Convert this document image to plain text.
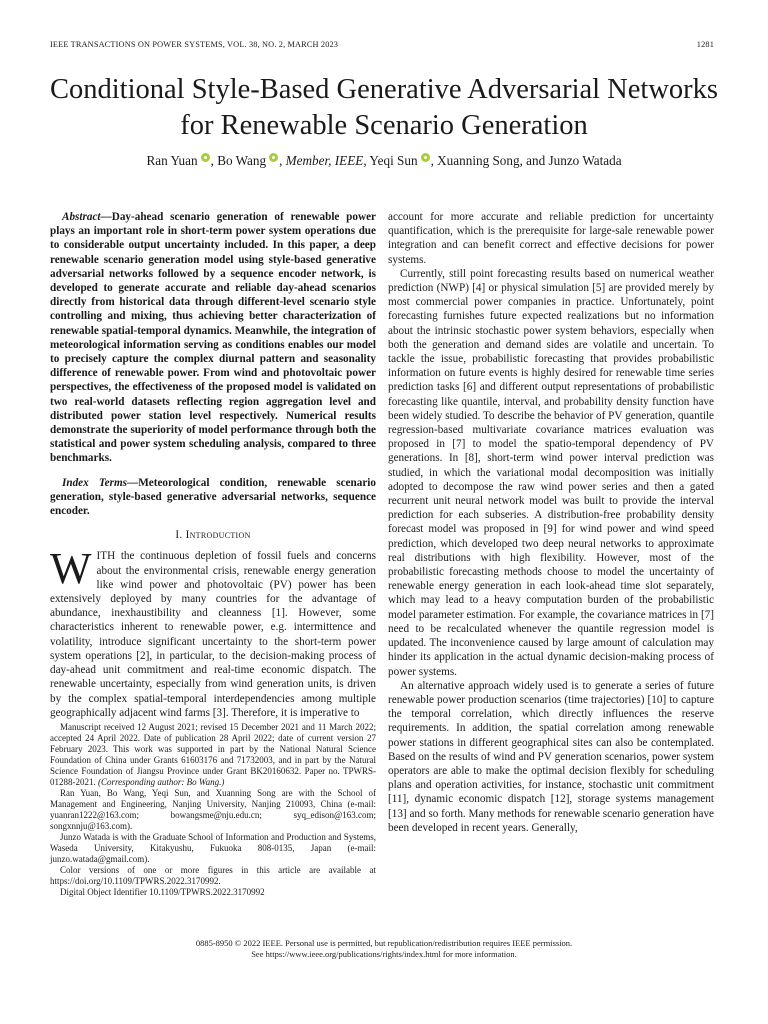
IEEE TRANSACTIONS ON POWER SYSTEMS, VOL. 38, NO. 2, MARCH 2023	1281
Conditional Style-Based Generative Adversarial Networks for Renewable Scenario Generation
Ran Yuan , Bo Wang , Member, IEEE, Yeqi Sun , Xuanning Song, and Junzo Watada

Abstract—Day-ahead scenario generation of renewable power plays an important role in short-term power system operations due to considerable output uncertainty included. In this paper, a deep renewable scenario generation model using style-based generative adversarial networks followed by a sequence encoder network, is developed to generate accurate and reliable day-ahead scenarios directly from historical data through different-level scenario style controlling and mixing, thus achieving better characterization of renewable spatial-temporal dynamics. Meanwhile, the integration of meteorological information serving as conditions enables our model to precisely capture the complex diurnal pattern and seasonality difference of renewable power. From wind and photovoltaic power perspectives, the effectiveness of the proposed model is validated on two real-world datasets reflecting region aggregation level and distributed power station level respectively. Numerical results demonstrate the superiority of model performance through both the statistical and power system scheduling analysis, compared to three benchmarks.

Index Terms—Meteorological condition, renewable scenario generation, style-based generative adversarial networks, sequence encoder.

I. Introduction

WITH the continuous depletion of fossil fuels and concerns about the environmental crisis, renewable energy generation like wind power and photovoltaic (PV) power has been extensively deployed by many countries for the advantage of abundance, inexhaustibility and cleanness [1]. However, some characteristics inherent to renewable power, e.g. intermittence and volatility, introduce significant uncertainty to the short-term power system operations [2], in particular, to the decision-making process of day-ahead unit commitment and real-time economic dispatch. The renewable uncertainty, especially from wind generation units, is driven by the complex spatial-temporal interdependencies among multiple geographically adjacent wind farms [3]. Therefore, it is imperative to

Manuscript received 12 August 2021; revised 15 December 2021 and 11 March 2022; accepted 24 April 2022. Date of publication 28 April 2022; date of current version 27 February 2023. This work was supported in part by the National Natural Science Foundation of China under Grants 61603176 and 71732003, and in part by the Natural Science Foundation of Jiangsu Province under Grant BK20160632. Paper no. TPWRS-01288-2021. (Corresponding author: Bo Wang.)

Ran Yuan, Bo Wang, Yeqi Sun, and Xuanning Song are with the School of Management and Engineering, Nanjing University, Nanjing 210093, China (e-mail: yuanran1222@163.com; bowangsme@nju.edu.cn; syq_edison@163.com; songxnnju@163.com).

Junzo Watada is with the Graduate School of Information and Production and Systems, Waseda University, Kitakyushu, Fukuoka 808-0135, Japan (e-mail: junzo.watada@gmail.com).

Color versions of one or more figures in this article are available at https://doi.org/10.1109/TPWRS.2022.3170992.

Digital Object Identifier 10.1109/TPWRS.2022.3170992

account for more accurate and reliable prediction for uncertainty quantification, which is the prerequisite for large-sale renewable power integration and can benefit correct and effective decisions for power systems.

Currently, still point forecasting results based on numerical weather prediction (NWP) [4] or physical simulation [5] are provided merely by most commercial power companies in practice. Unfortunately, point forecasting furnishes future expected realizations but no information about the intrinsic stochastic power system behaviors, especially when both the generation and demand sides are volatile and uncertain. To tackle the issue, probabilistic forecasting that provides probabilistic information on future events is highly desired for renewable time series prediction tasks [6] and different output representations of probabilistic forecasting like quantile, interval, and probability density function have been widely studied. To describe the behavior of PV generation, quantile regression-based multivariate covariance matrices evaluation was proposed in [7] to model the spatio-temporal dependency of PV generations. In [8], short-term wind power interval prediction was studied, in which the variational modal decomposition was initially adopted to decompose the raw wind power series and then a gated recurrent unit neural network model was built to provide the interval prediction for each subseries. A distribution-free probability density forecast model was proposed in [9] for wind power and wind speed prediction, which developed two deep neural networks to approximate real distributions with high flexibility. However, most of the probabilistic forecasting methods choose to model the uncertainty of renewable energy generation in each look-ahead time slot separately, which may lead to a heavy computation burden of the probabilistic model parameter estimation. For example, the covariance matrices in [7] need to be recalculated whenever the quantile regression model is updated. The inconvenience caused by large amount of calculation may hinder its application in the actual dynamic decision-making process of power systems.

An alternative approach widely used is to generate a series of future renewable power production scenarios (time trajectories) [10] to capture the temporal correlation, which directly influences the reserve requirements. In addition, the spatial correlation among renewable power stations in different geographical sites can also be contemplated. Based on the results of wind and PV generation scenarios, power system operators are able to make the optimal decision flexibly for scheduling plans and operation activities, for instance, stochastic unit commitment [11], dynamic economic dispatch [12], storage systems management [13] and so forth. Many methods for renewable scenario generation have been developed in recent years. Generally,

0885-8950 © 2022 IEEE. Personal use is permitted, but republication/redistribution requires IEEE permission.
See https://www.ieee.org/publications/rights/index.html for more information.
